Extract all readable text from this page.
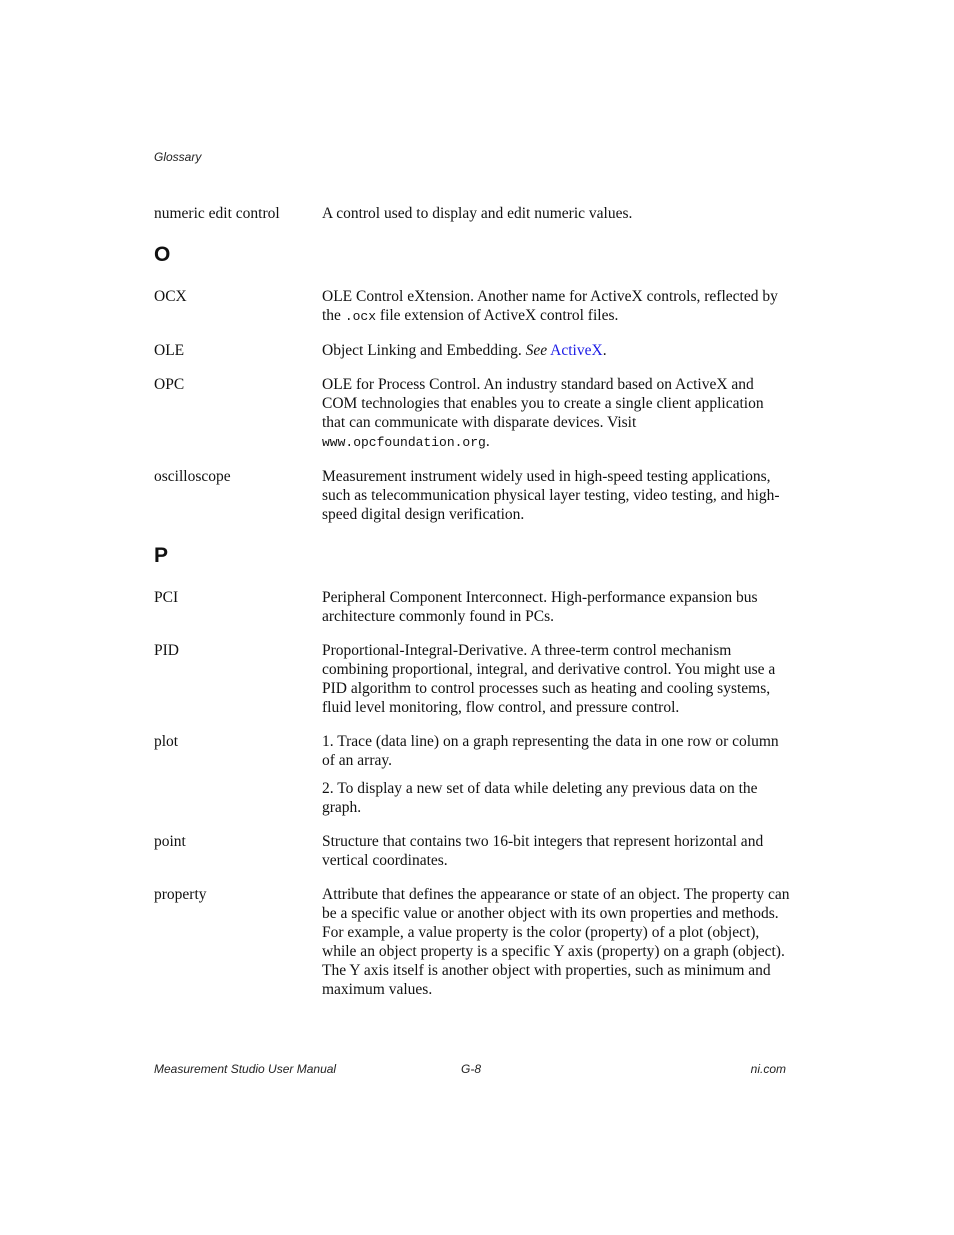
Glossary
numeric edit control	A control used to display and edit numeric values.
O
OCX	OLE Control eXtension. Another name for ActiveX controls, reflected by the .ocx file extension of ActiveX control files.
OLE	Object Linking and Embedding. See ActiveX.
OPC	OLE for Process Control. An industry standard based on ActiveX and COM technologies that enables you to create a single client application that can communicate with disparate devices. Visit www.opcfoundation.org.
oscilloscope	Measurement instrument widely used in high-speed testing applications, such as telecommunication physical layer testing, video testing, and high-speed digital design verification.
P
PCI	Peripheral Component Interconnect. High-performance expansion bus architecture commonly found in PCs.
PID	Proportional-Integral-Derivative. A three-term control mechanism combining proportional, integral, and derivative control. You might use a PID algorithm to control processes such as heating and cooling systems, fluid level monitoring, flow control, and pressure control.
plot	1. Trace (data line) on a graph representing the data in one row or column of an array.

2. To display a new set of data while deleting any previous data on the graph.

point	Structure that contains two 16-bit integers that represent horizontal and vertical coordinates.
property	Attribute that defines the appearance or state of an object. The property can be a specific value or another object with its own properties and methods. For example, a value property is the color (property) of a plot (object), while an object property is a specific Y axis (property) on a graph (object). The Y axis itself is another object with properties, such as minimum and maximum values.
Measurement Studio User Manual	G-8	ni.com
